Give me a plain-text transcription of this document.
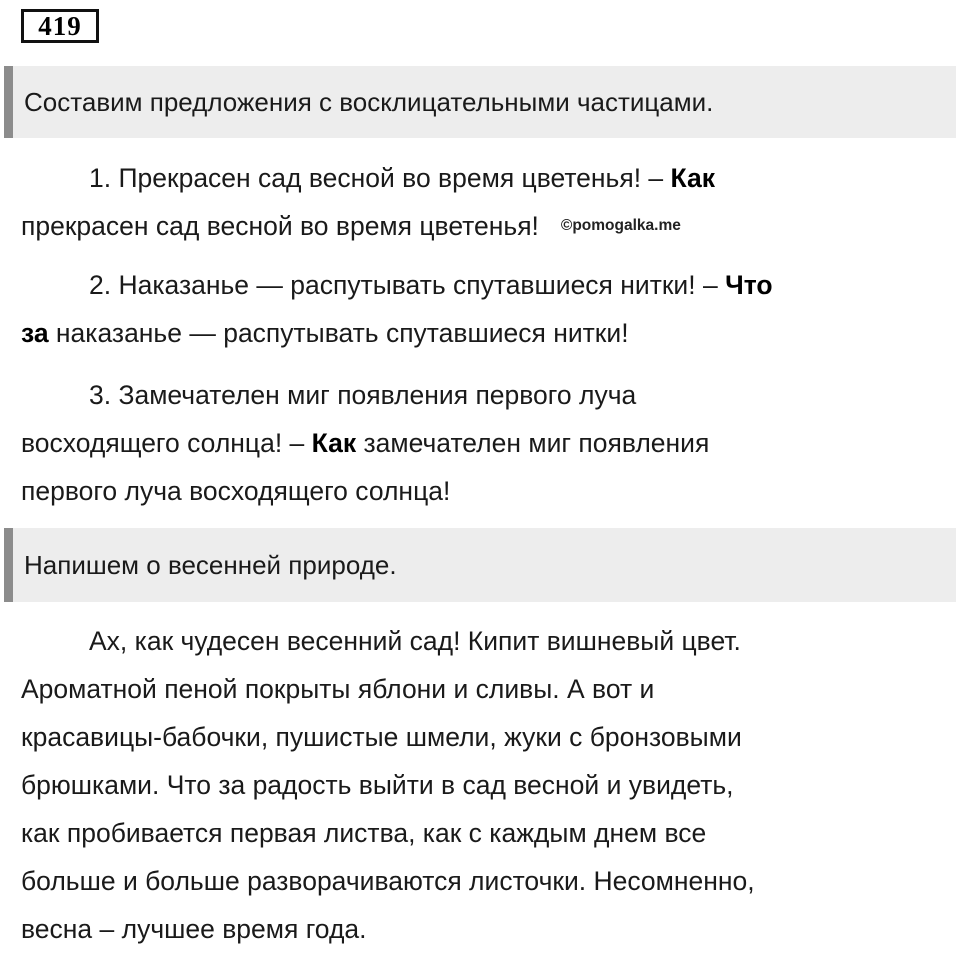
419
Составим предложения с восклицательными частицами.

1. Прекрасен сад весной во время цветенья! – Как
прекрасен сад весной во время цветенья! ©pomogalka.me

2. Наказанье — распутывать спутавшиеся нитки! – Что
за наказанье — распутывать спутавшиеся нитки!

3. Замечателен миг появления первого луча
восходящего солнца! – Как замечателен миг появления
первого луча восходящего солнца!

Напишем о весенней природе.

Ах, как чудесен весенний сад! Кипит вишневый цвет.
Ароматной пеной покрыты яблони и сливы. А вот и
красавицы-бабочки, пушистые шмели, жуки с бронзовыми
брюшками. Что за радость выйти в сад весной и увидеть,
как пробивается первая листва, как с каждым днем все
больше и больше разворачиваются листочки. Несомненно,
весна – лучшее время года.
